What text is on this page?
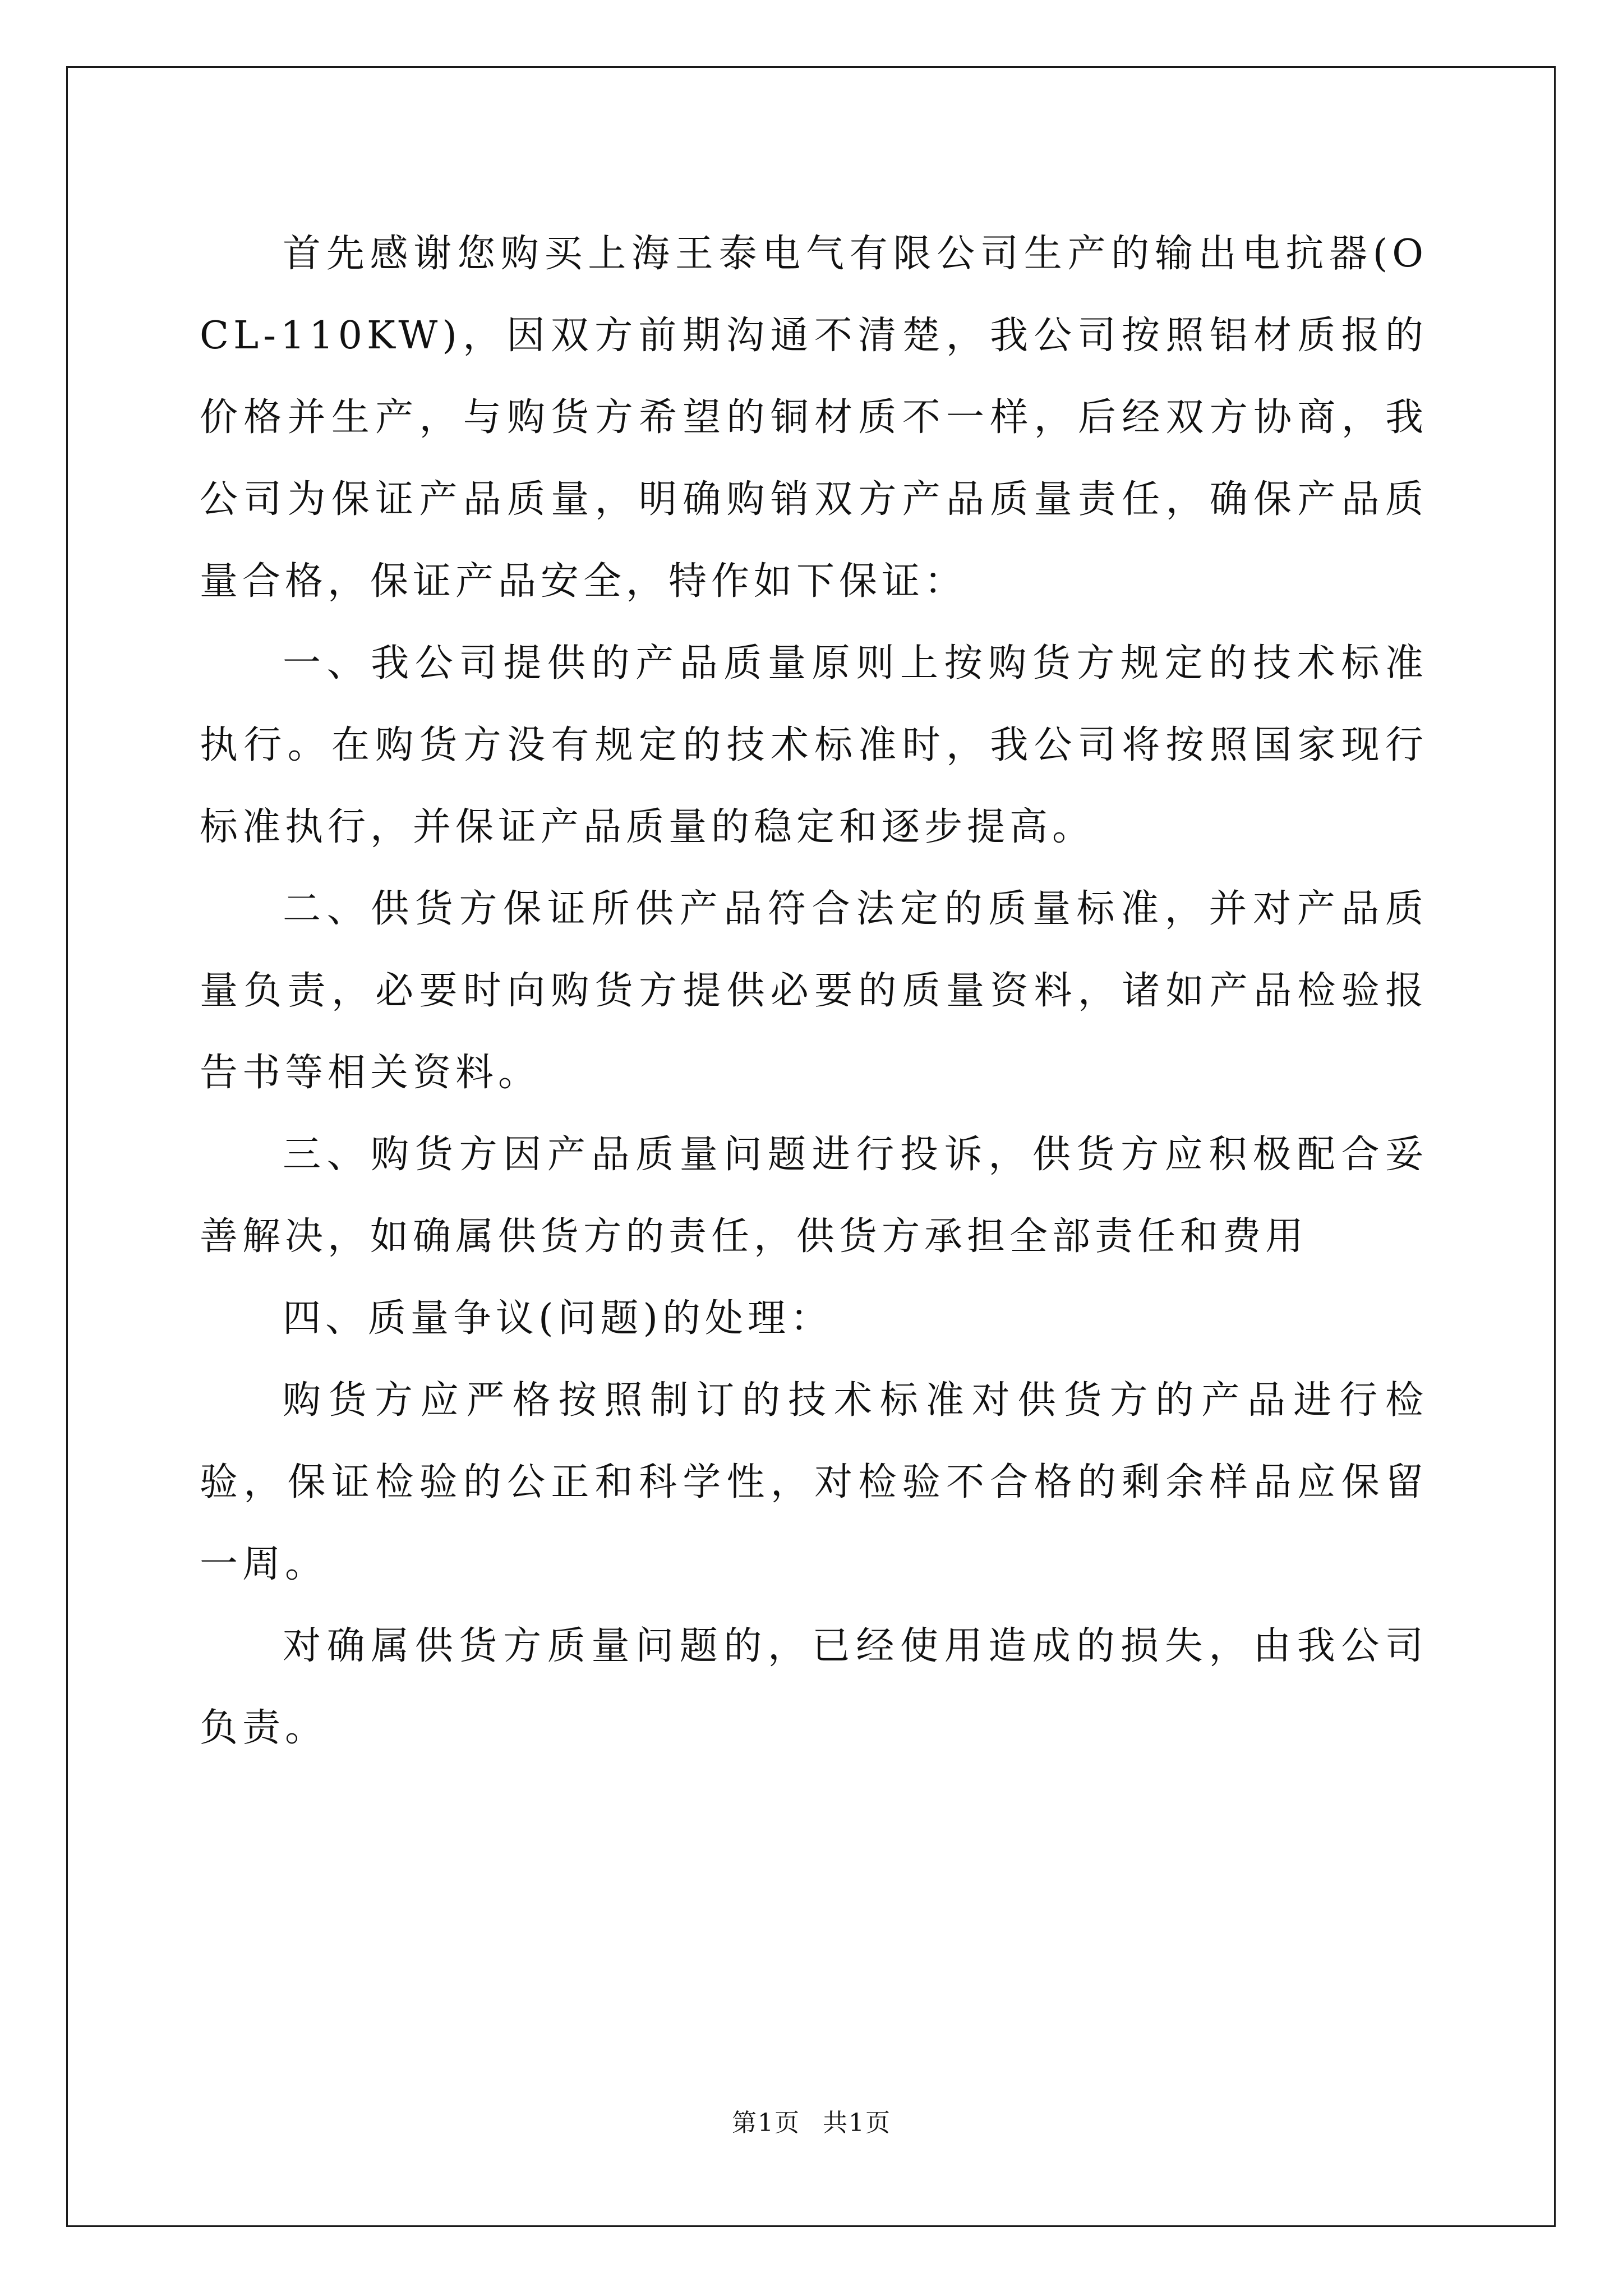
首先感谢您购买上海王泰电气有限公司生产的输出电抗器(OCL-110KW)，因双方前期沟通不清楚，我公司按照铝材质报的价格并生产，与购货方希望的铜材质不一样，后经双方协商，我公司为保证产品质量，明确购销双方产品质量责任，确保产品质量合格，保证产品安全，特作如下保证：

一、我公司提供的产品质量原则上按购货方规定的技术标准执行。在购货方没有规定的技术标准时，我公司将按照国家现行标准执行，并保证产品质量的稳定和逐步提高。

二、供货方保证所供产品符合法定的质量标准，并对产品质量负责，必要时向购货方提供必要的质量资料，诸如产品检验报告书等相关资料。

三、购货方因产品质量问题进行投诉，供货方应积极配合妥善解决，如确属供货方的责任，供货方承担全部责任和费用

四、质量争议(问题)的处理：

购货方应严格按照制订的技术标准对供货方的产品进行检验，保证检验的公正和科学性，对检验不合格的剩余样品应保留一周。

对确属供货方质量问题的，已经使用造成的损失，由我公司负责。

第1页 共1页
